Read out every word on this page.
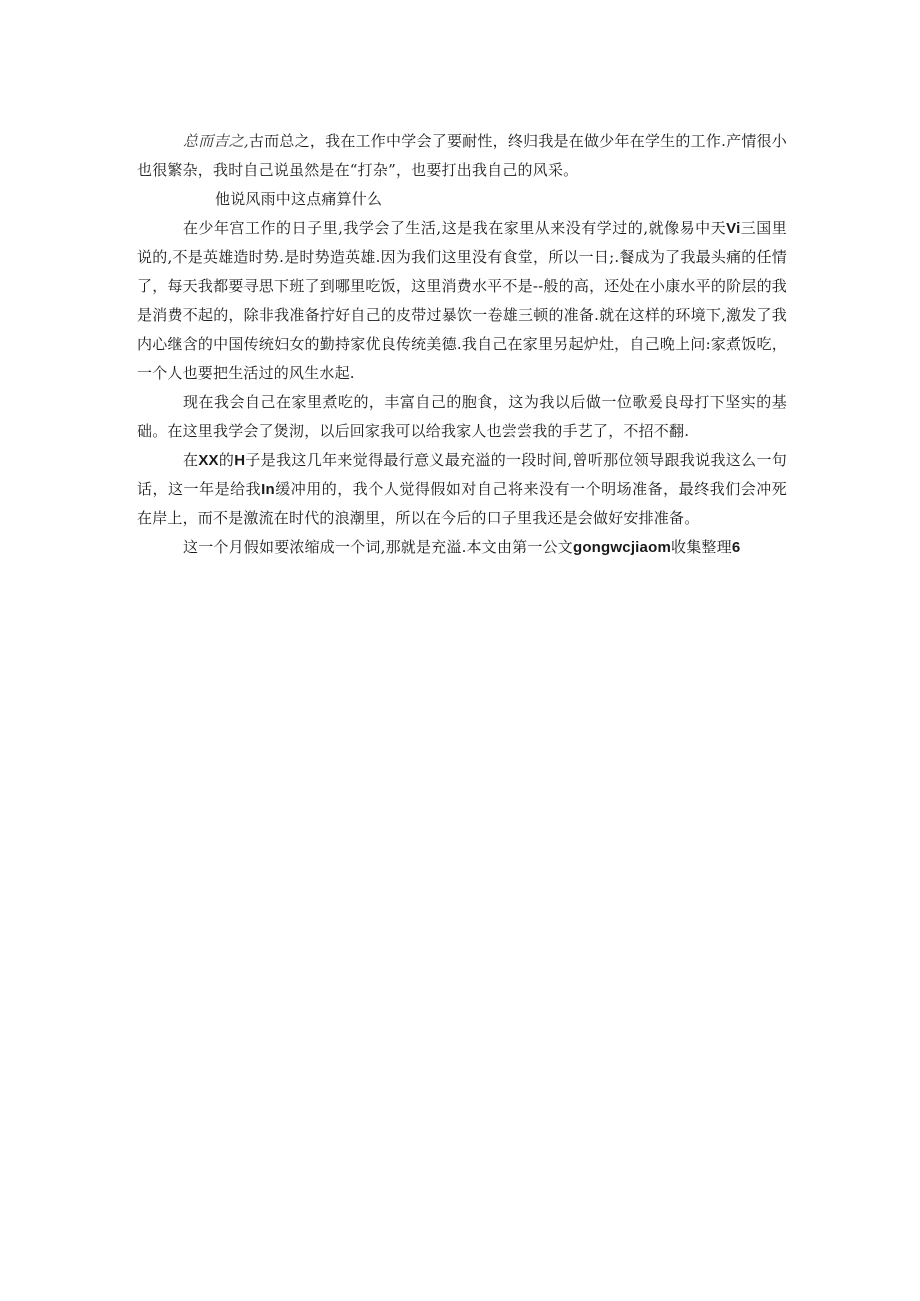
总而吉之,古而总之，我在工作中学会了要耐性，终归我是在做少年在学生的工作.产情很小也很繁杂，我时自己说虽然是在“打杂”，也要打出我自己的风采。

他说风雨中这点痛算什么

在少年宫工作的日子里,我学会了生活,这是我在家里从来没有学过的,就像易中天Vi三国里说的,不是英雄造时势.是时势造英雄.因为我们这里没有食堂，所以一日;.餐成为了我最头痛的任情了，每天我都要寻思下班了到哪里吃饭，这里消费水平不是--般的高，还处在小康水平的阶层的我是消费不起的，除非我准备拧好自己的皮带过暴饮一卷雄三顿的准备.就在这样的环境下,激发了我内心继含的中国传统妇女的勤持家优良传统美德.我自己在家里另起炉灶，自己晚上问:家煮饭吃，一个人也要把生活过的风生水起.

现在我会自己在家里煮吃的，丰富自己的胞食，这为我以后做一位歌爰良母打下坚实的基础。在这里我学会了煲沏，以后回家我可以给我家人也尝尝我的手艺了，不招不翻.

在XX的H子是我这几年来觉得最行意义最充溢的一段时间,曾听那位领导跟我说我这么一句话，这一年是给我In缓冲用的，我个人觉得假如对自己将来没有一个明场准备，最终我们会冲死在岸上，而不是激流在时代的浪潮里，所以在今后的口子里我还是会做好安排准备。

这一个月假如要浓缩成一个词,那就是充溢.本文由第一公文gongwcjiaom收集整理6
